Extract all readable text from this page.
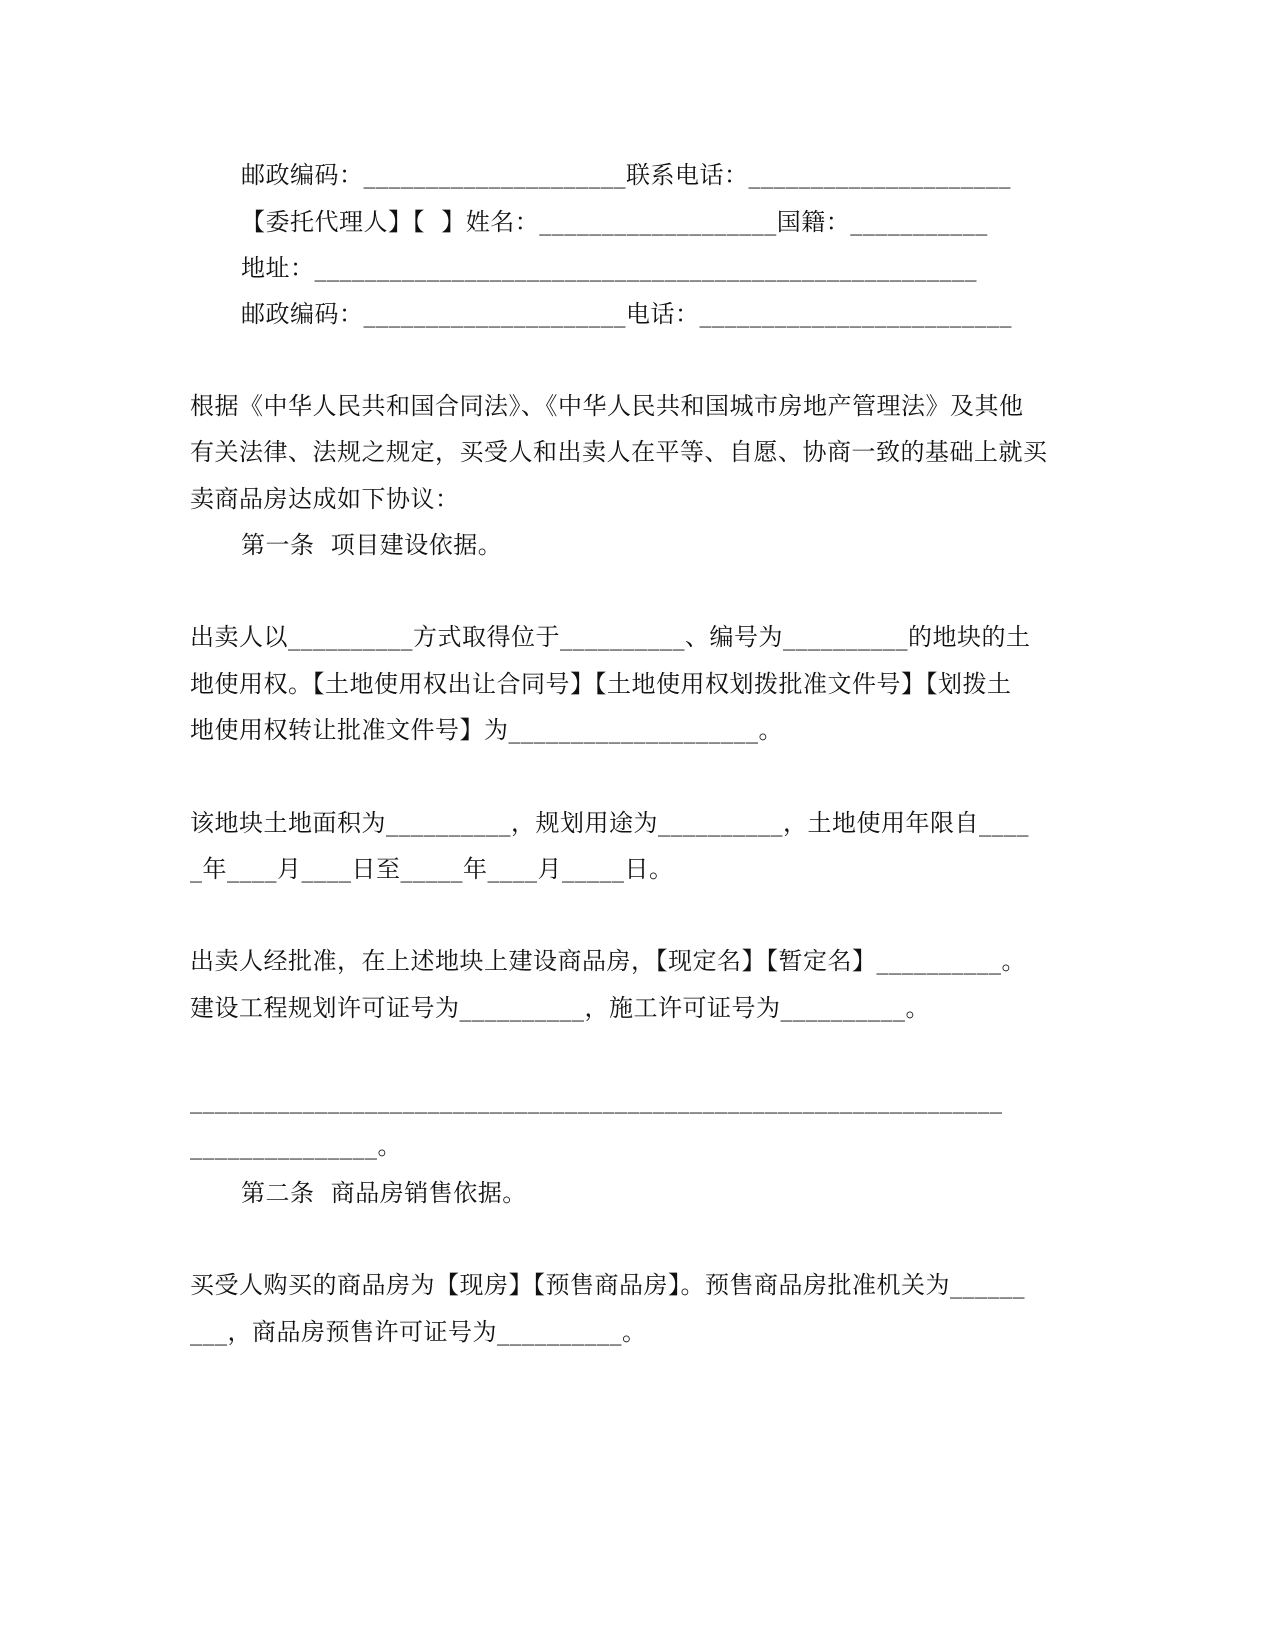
邮政编码：_____________________联系电话：_____________________

【委托代理人】【  】姓名：___________________国籍：___________

地址：_____________________________________________________

邮政编码：_____________________电话：_________________________

根据《中华人民共和国合同法》、《中华人民共和国城市房地产管理法》及其他

有关法律、法规之规定，买受人和出卖人在平等、自愿、协商一致的基础上就买

卖商品房达成如下协议：

第一条  项目建设依据。

出卖人以__________方式取得位于__________、编号为__________的地块的土

地使用权。【土地使用权出让合同号】【土地使用权划拨批准文件号】【划拨土

地使用权转让批准文件号】为____________________。

该地块土地面积为__________，规划用途为__________，土地使用年限自____

_年____月____日至_____年____月_____日。

出卖人经批准，在上述地块上建设商品房，【现定名】【暂定名】__________。

建设工程规划许可证号为__________，施工许可证号为__________。

_________________________________________________________________

_______________。

第二条  商品房销售依据。

买受人购买的商品房为【现房】【预售商品房】。预售商品房批准机关为______

___，商品房预售许可证号为__________。
